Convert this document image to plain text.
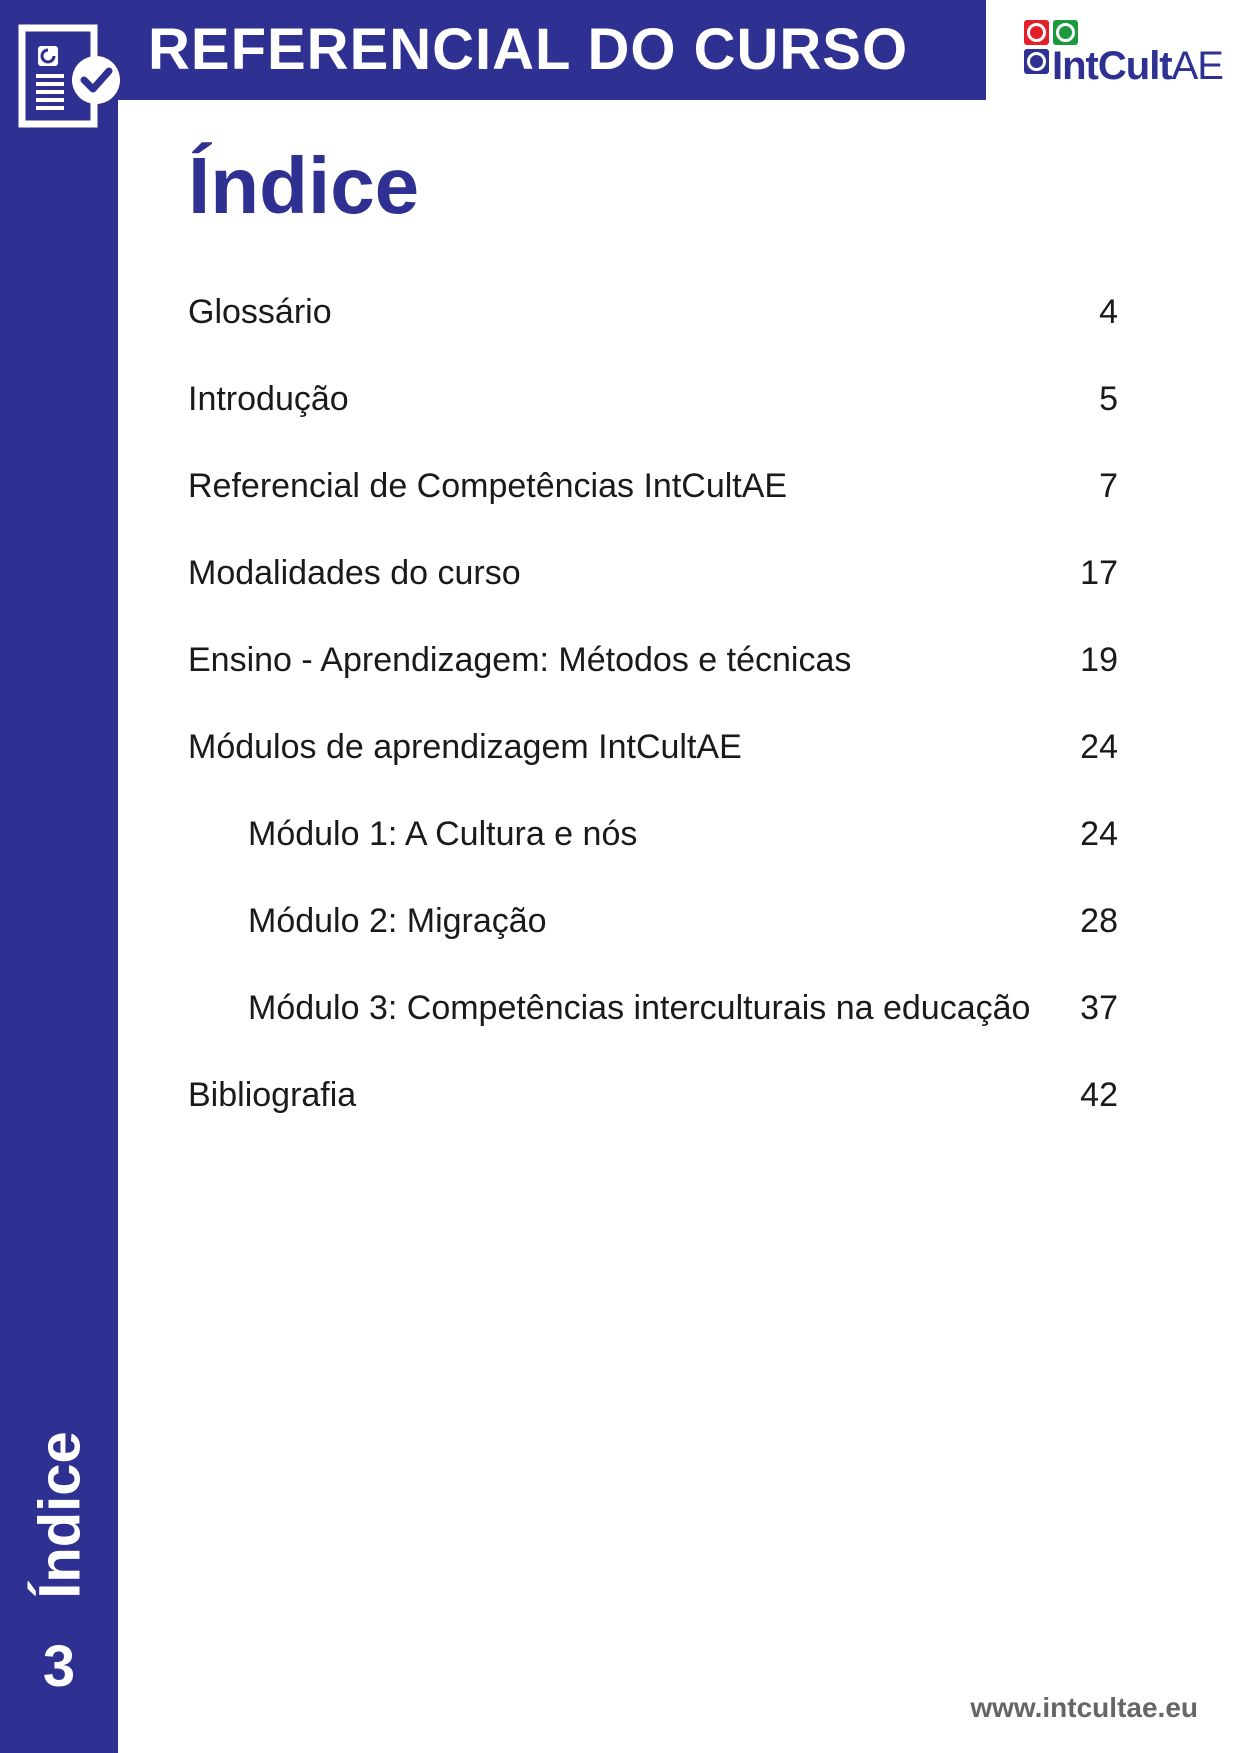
REFERENCIAL DO CURSO	IntCultAE
Índice
Glossário	4
Introdução	5
Referencial de Competências IntCultAE	7
Modalidades do curso	17
Ensino - Aprendizagem: Métodos e técnicas	19
Módulos de aprendizagem IntCultAE	24
Módulo 1: A Cultura e nós	24
Módulo 2: Migração	28
Módulo 3: Competências interculturais na educação 37
Bibliografia	42
Índice
3
www.intcultae.eu
